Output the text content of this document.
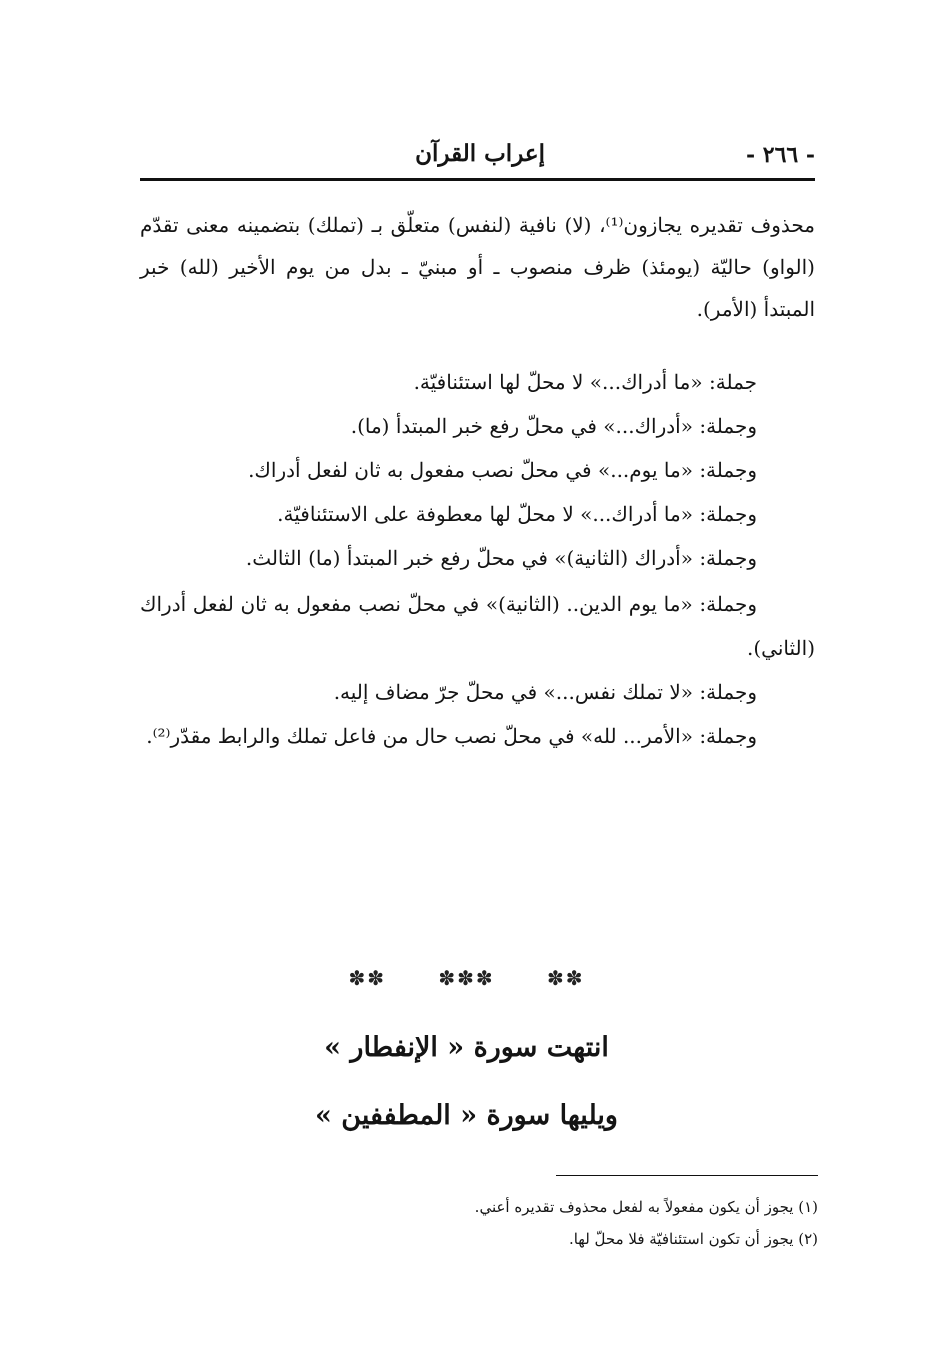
- ٢٦٦ -
إعراب القرآن

محذوف تقديره يجازون⁽¹⁾، (لا) نافية (لنفس) متعلّق بـ (تملك) بتضمينه معنى تقدّم (الواو) حاليّة (يومئذ) ظرف منصوب ـ أو مبنيّ ـ بدل من يوم الأخير (لله) خبر المبتدأ (الأمر).

جملة: «ما أدراك...» لا محلّ لها استئنافيّة.
وجملة: «أدراك...» في محلّ رفع خبر المبتدأ (ما).
وجملة: «ما يوم...» في محلّ نصب مفعول به ثان لفعل أدراك.
وجملة: «ما أدراك...» لا محلّ لها معطوفة على الاستئنافيّة.
وجملة: «أدراك (الثانية)» في محلّ رفع خبر المبتدأ (ما) الثالث.
وجملة: «ما يوم الدين.. (الثانية)» في محلّ نصب مفعول به ثان لفعل أدراك (الثاني).
وجملة: «لا تملك نفس...» في محلّ جرّ مضاف إليه.
وجملة: «الأمر... لله» في محلّ نصب حال من فاعل تملك والرابط مقدّر⁽²⁾.
✽✽ ✽✽✽ ✽✽
انتهت سورة « الإنفطار »
ويليها سورة « المطففين »
(١) يجوز أن يكون مفعولاً به لفعل محذوف تقديره أعني.
(٢) يجوز أن تكون استئنافيّة فلا محلّ لها.
